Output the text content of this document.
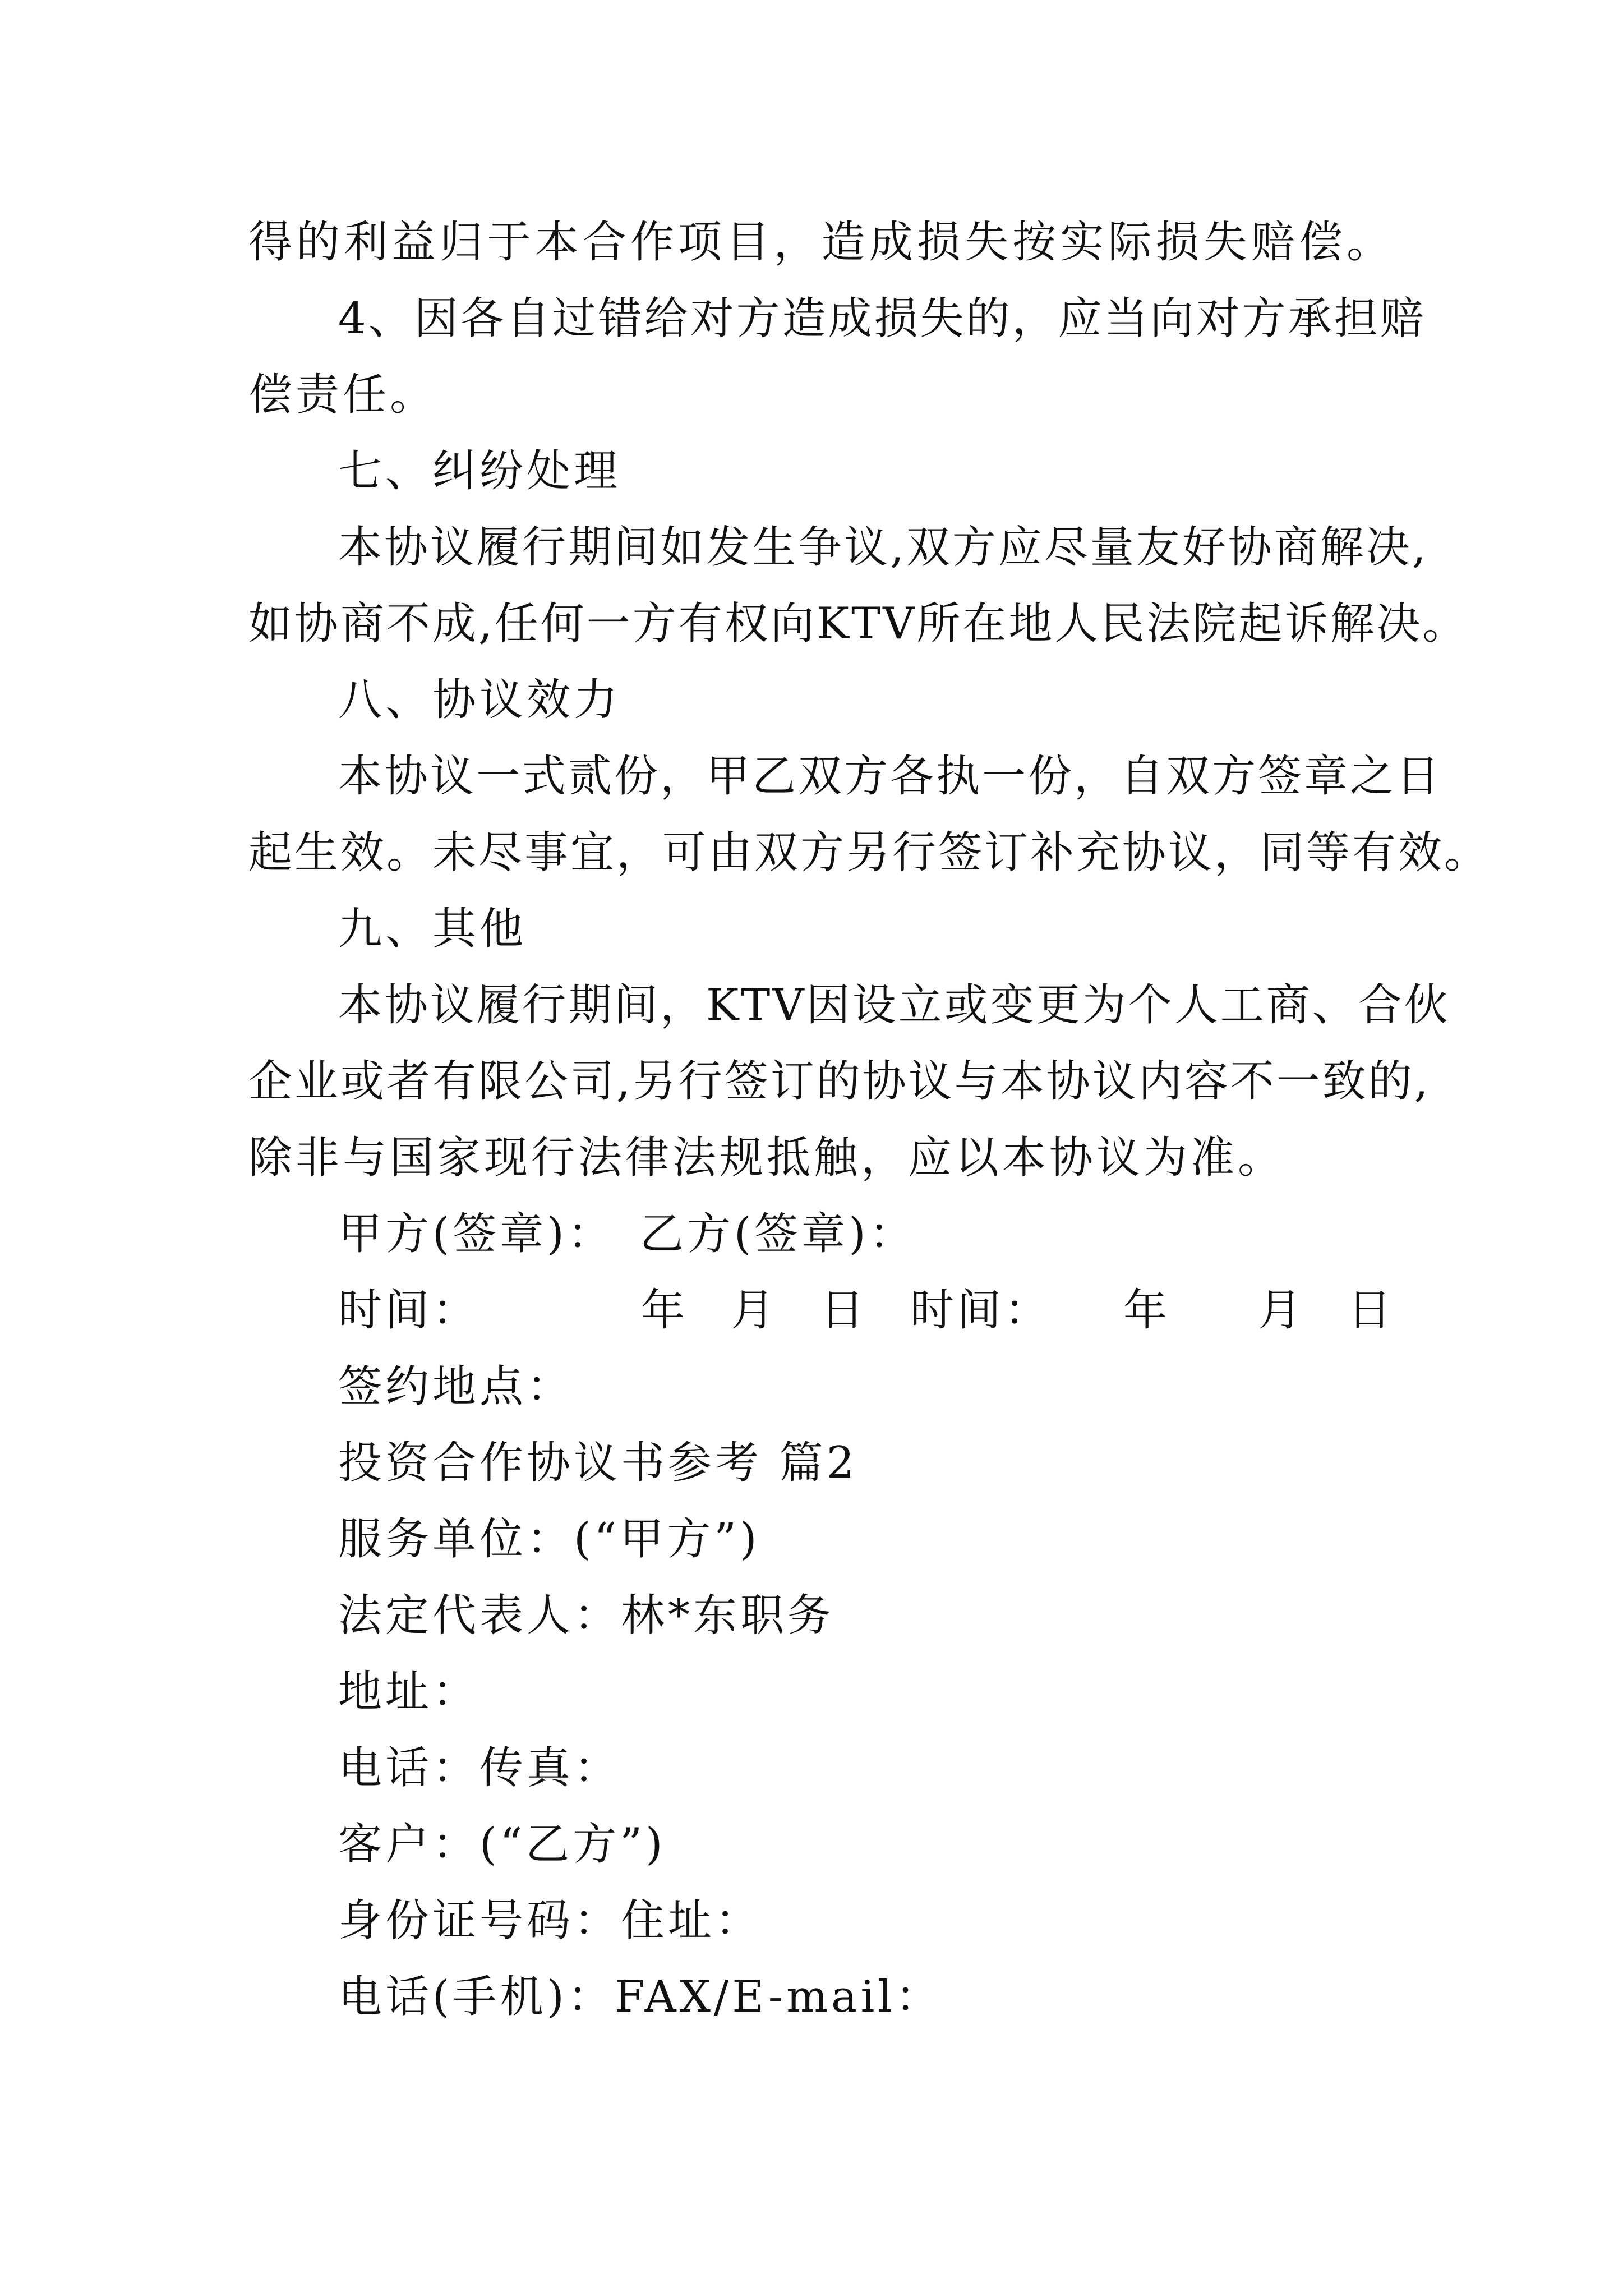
得的利益归于本合作项目，造成损失按实际损失赔偿。
4、因各自过错给对方造成损失的，应当向对方承担赔
偿责任。
七、纠纷处理
本协议履行期间如发生争议,双方应尽量友好协商解决,
如协商不成,任何一方有权向KTV所在地人民法院起诉解决。
八、协议效力
本协议一式贰份，甲乙双方各执一份，自双方签章之日
起生效。未尽事宜，可由双方另行签订补充协议，同等有效。
九、其他
本协议履行期间，KTV因设立或变更为个人工商、合伙
企业或者有限公司,另行签订的协议与本协议内容不一致的,
除非与国家现行法律法规抵触，应以本协议为准。
甲方(签章)：　乙方(签章)：
时间：	年 月 日 时间： 年 月 日
签约地点：
投资合作协议书参考 篇2
服务单位：(“甲方”)
法定代表人：林*东职务
地址：
电话：传真：
客户：(“乙方”)
身份证号码：住址：
电话(手机)：FAX/E-mail：
